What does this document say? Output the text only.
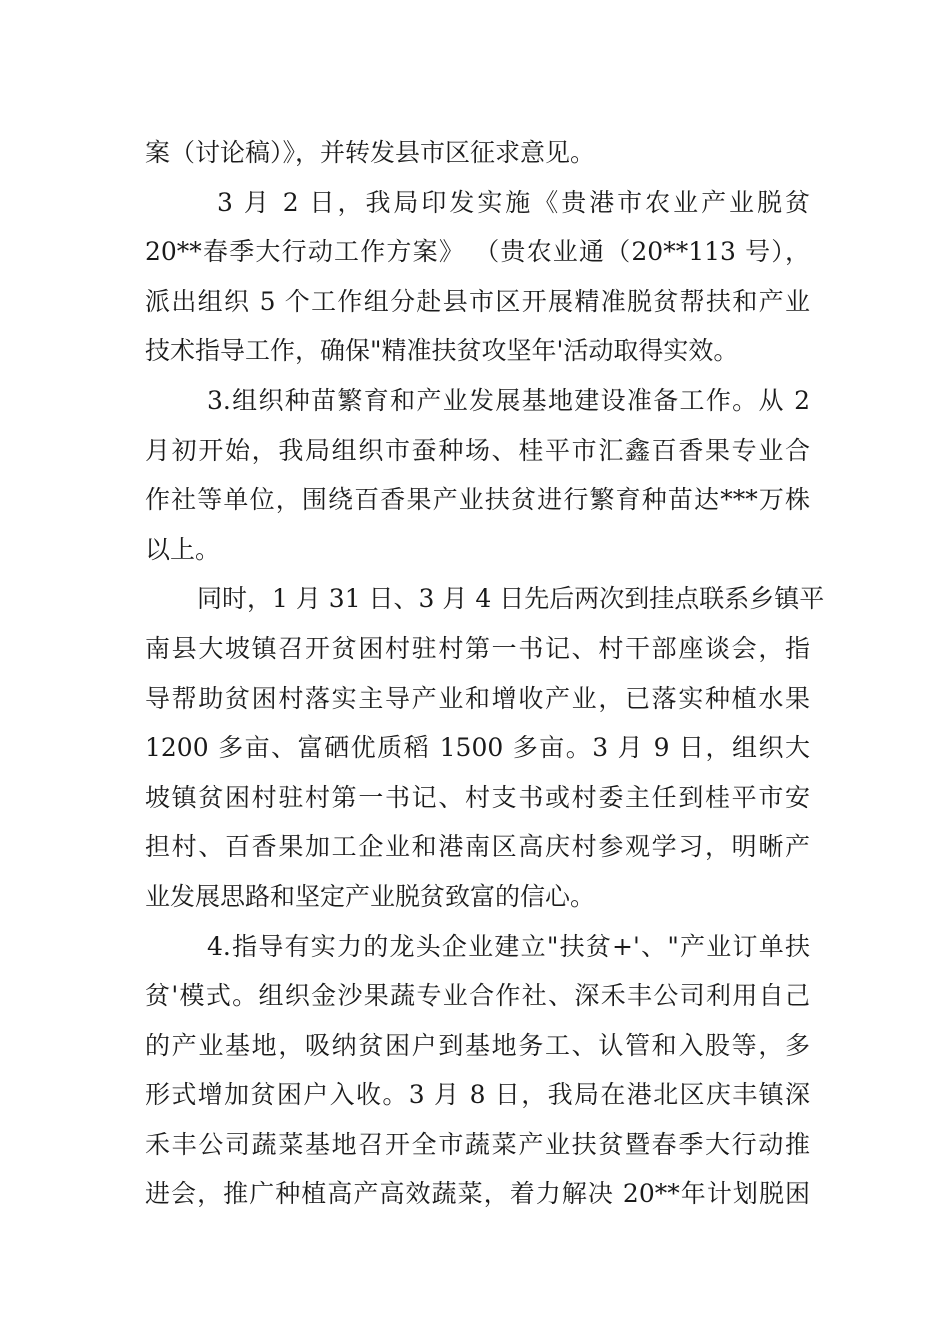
案（讨论稿）》，并转发县市区征求意见。
3 月 2 日，我局印发实施《贵港市农业产业脱贫
20**春季大行动工作方案》 （贵农业通（20**113 号），
派出组织 5 个工作组分赴县市区开展精准脱贫帮扶和产业
技术指导工作，确保"精准扶贫攻坚年'活动取得实效。
3.组织种苗繁育和产业发展基地建设准备工作。从 2
月初开始，我局组织市蚕种场、桂平市汇鑫百香果专业合
作社等单位，围绕百香果产业扶贫进行繁育种苗达***万株
以上。
同时，1 月 31 日、3 月 4 日先后两次到挂点联系乡镇平
南县大坡镇召开贫困村驻村第一书记、村干部座谈会，指
导帮助贫困村落实主导产业和增收产业，已落实种植水果
1200 多亩、富硒优质稻 1500 多亩。3 月 9 日，组织大
坡镇贫困村驻村第一书记、村支书或村委主任到桂平市安
担村、百香果加工企业和港南区高庆村参观学习，明晰产
业发展思路和坚定产业脱贫致富的信心。
4.指导有实力的龙头企业建立"扶贫+'、"产业订单扶
贫'模式。组织金沙果蔬专业合作社、深禾丰公司利用自己
的产业基地，吸纳贫困户到基地务工、认管和入股等，多
形式增加贫困户入收。3 月 8 日，我局在港北区庆丰镇深
禾丰公司蔬菜基地召开全市蔬菜产业扶贫暨春季大行动推
进会，推广种植高产高效蔬菜，着力解决 20**年计划脱困
